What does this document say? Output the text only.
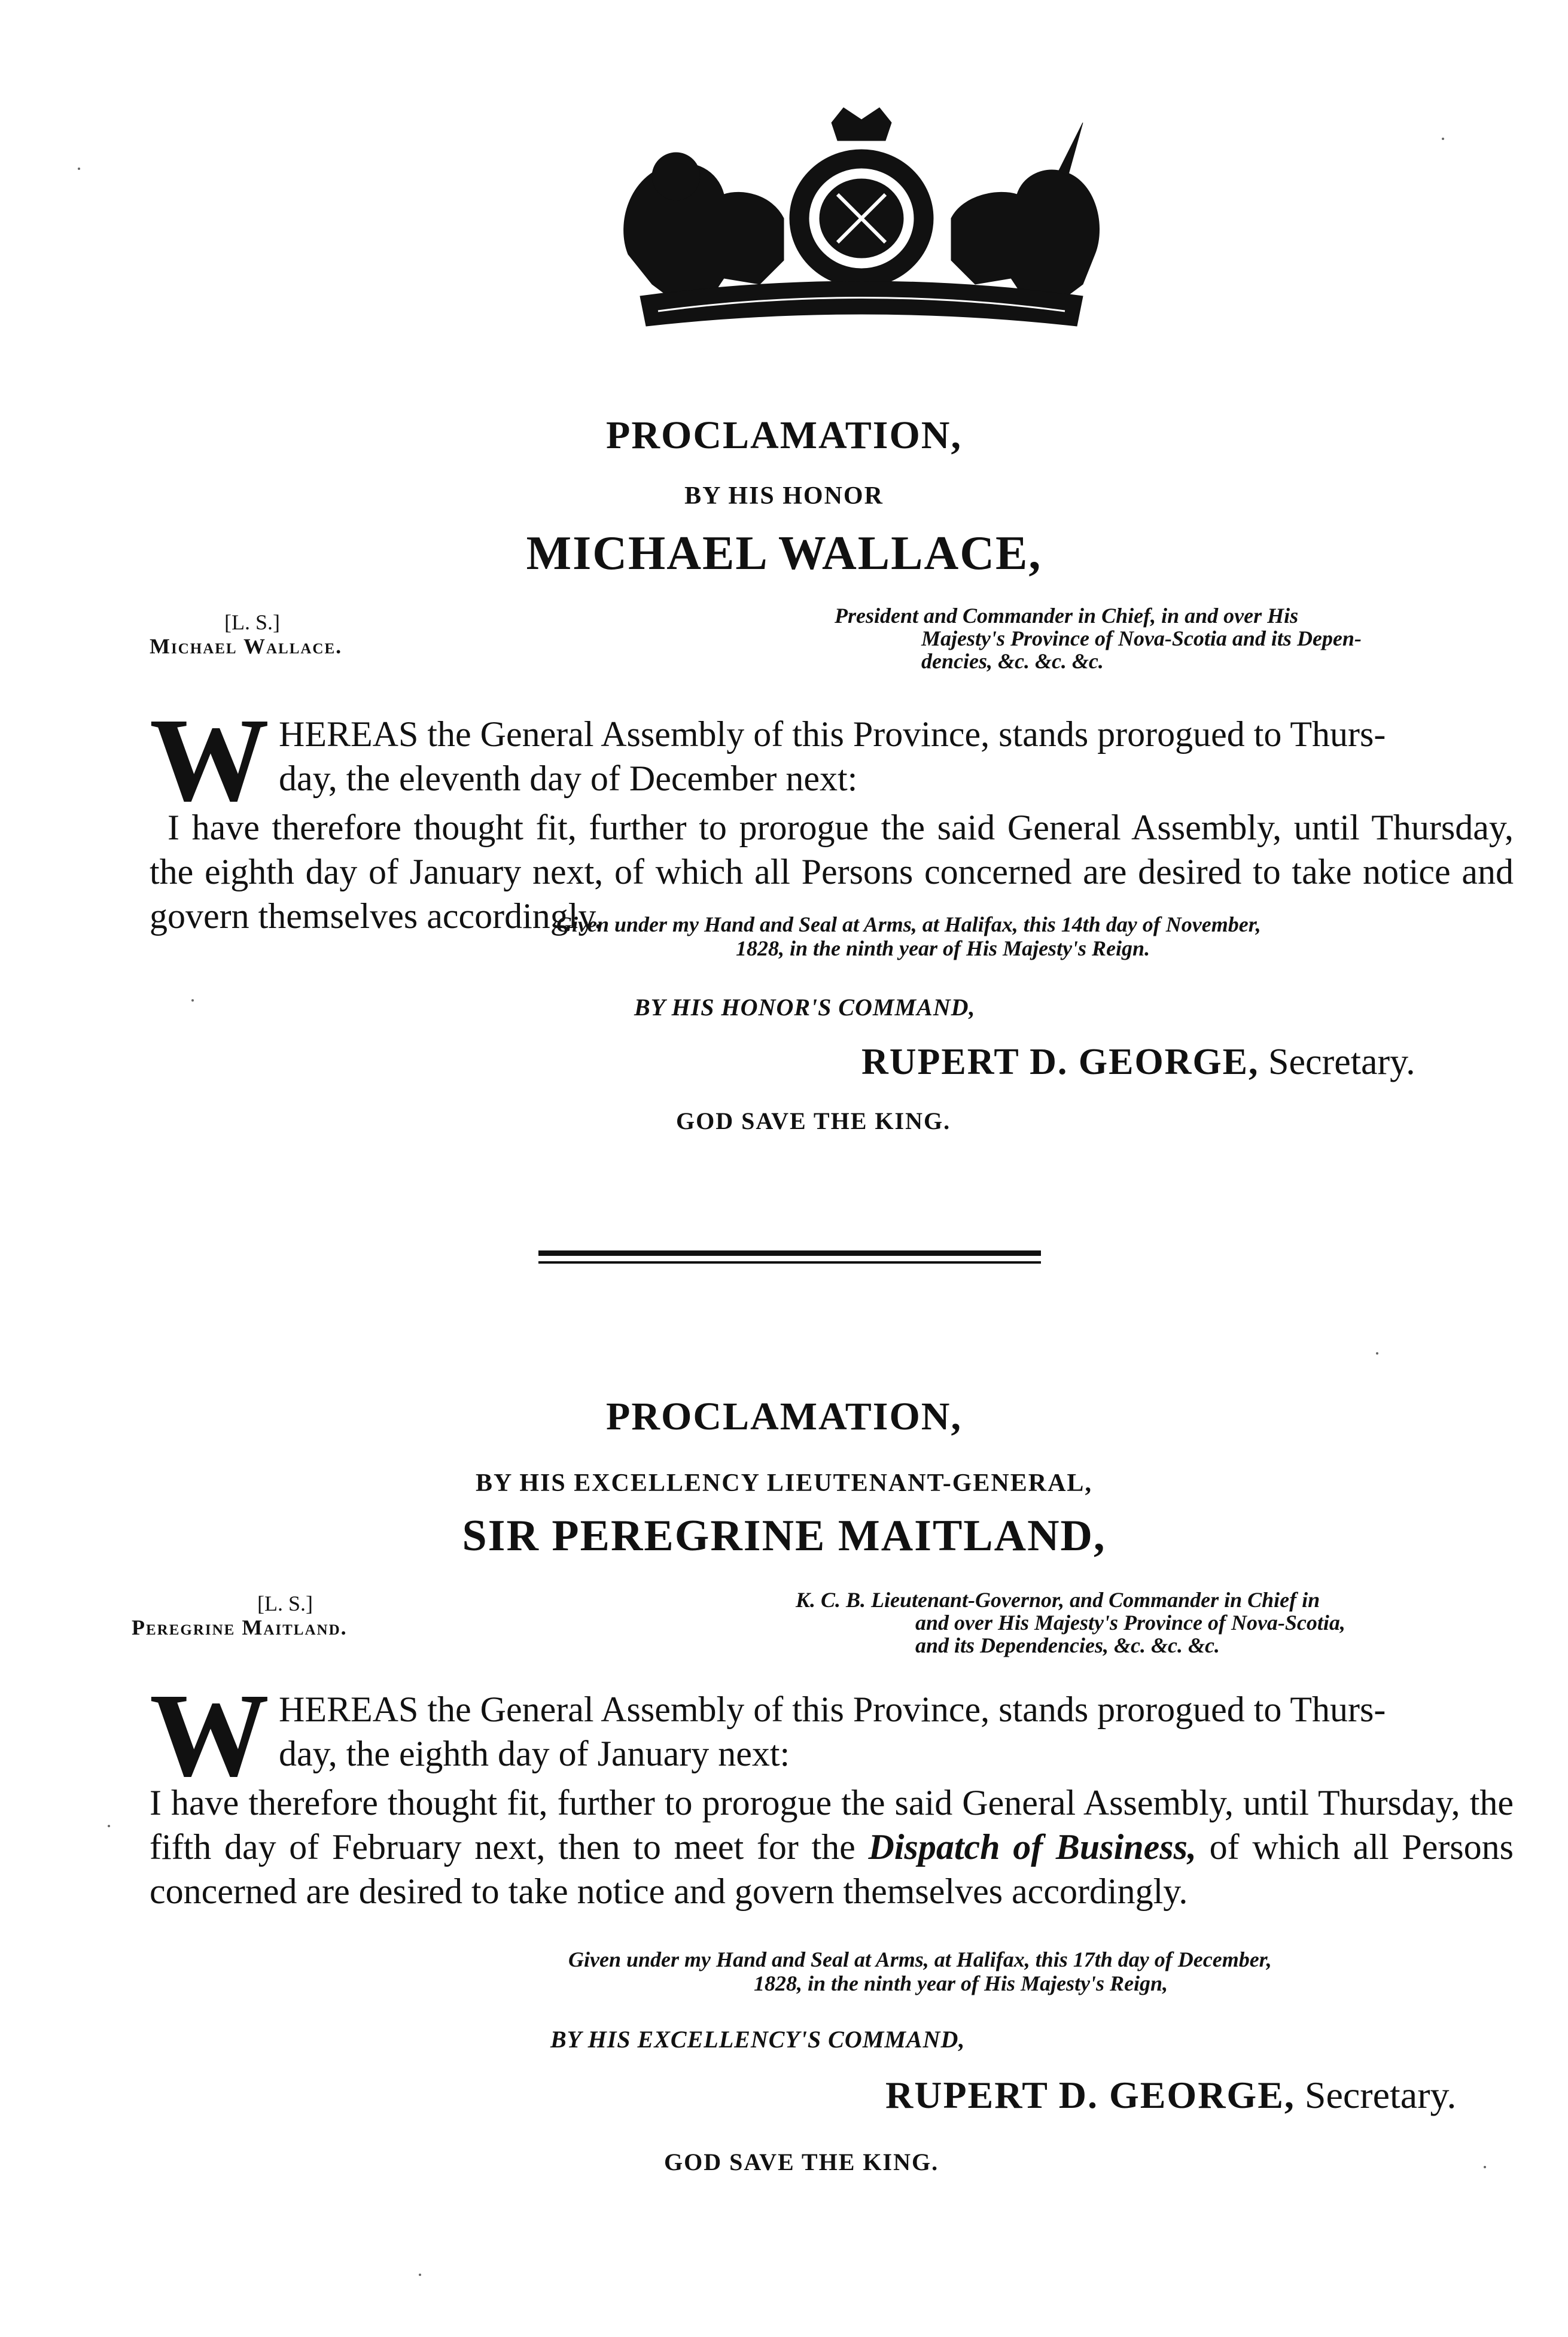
PROCLAMATION,
BY HIS HONOR
MICHAEL WALLACE,
[L. S.]
Michael Wallace.
President and Commander in Chief, in and over His
Majesty's Province of Nova-Scotia and its Depen-
dencies, &c. &c. &c.
W HEREAS the General Assembly of this Province, stands prorogued to Thurs-
day, the eleventh day of December next:
I have therefore thought fit, further to prorogue the said General Assembly, until Thursday, the eighth day of January next, of which all Persons concerned are desired to take notice and govern themselves accordingly.
Given under my Hand and Seal at Arms, at Halifax, this 14th day of November,
1828, in the ninth year of His Majesty's Reign.
BY HIS HONOR'S COMMAND,
RUPERT D. GEORGE, Secretary.
GOD SAVE THE KING.
PROCLAMATION,
BY HIS EXCELLENCY LIEUTENANT-GENERAL,
SIR PEREGRINE MAITLAND,
[L. S.]
Peregrine Maitland.
K. C. B. Lieutenant-Governor, and Commander in Chief in
and over His Majesty's Province of Nova-Scotia,
and its Dependencies, &c. &c. &c.
W HEREAS the General Assembly of this Province, stands prorogued to Thurs-
day, the eighth day of January next:
I have therefore thought fit, further to prorogue the said General Assembly, until Thursday, the fifth day of February next, then to meet for the Dispatch of Business, of which all Persons concerned are desired to take notice and govern themselves accordingly.
Given under my Hand and Seal at Arms, at Halifax, this 17th day of December,
1828, in the ninth year of His Majesty's Reign,
BY HIS EXCELLENCY'S COMMAND,
RUPERT D. GEORGE, Secretary.
GOD SAVE THE KING.
